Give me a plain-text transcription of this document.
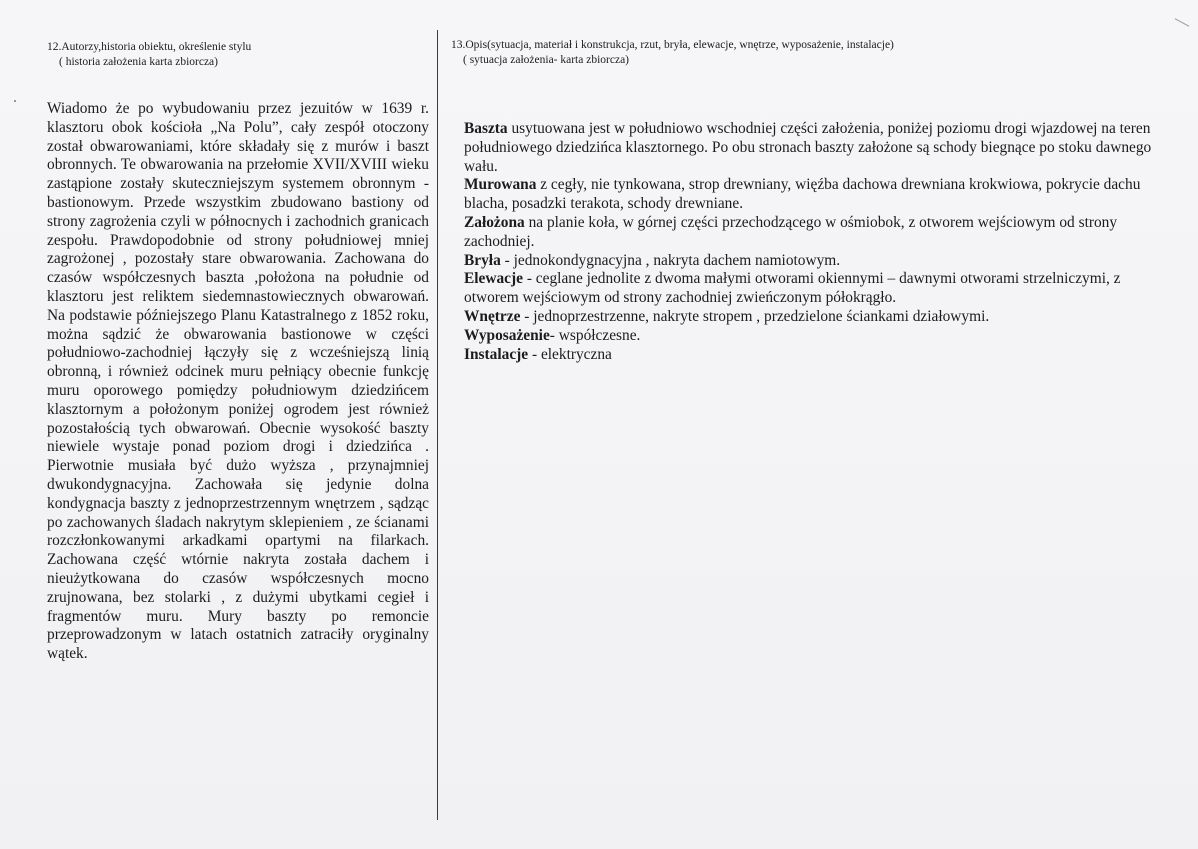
12.Autorzy,historia obiektu, określenie stylu

( historia założenia karta zbiorcza)

Wiadomo że po wybudowaniu przez jezuitów w 1639 r. klasztoru obok kościoła „Na Polu”, cały zespół otoczony został obwarowaniami, które składały się z murów i baszt obronnych. Te obwarowania na przełomie XVII/XVIII wieku zastąpione zostały skuteczniejszym systemem obronnym - bastionowym. Przede wszystkim zbudowano bastiony od strony zagrożenia czyli w północnych i zachodnich granicach zespołu. Prawdopodobnie od strony południowej mniej zagrożonej , pozostały stare obwarowania. Zachowana do czasów współczesnych baszta ,położona na południe od klasztoru jest reliktem siedemnastowiecznych obwarowań. Na podstawie późniejszego Planu Katastralnego z 1852 roku, można sądzić że obwarowania bastionowe w części południowo-zachodniej łączyły się z wcześniejszą linią obronną, i również odcinek muru pełniący obecnie funkcję muru oporowego pomiędzy południowym dziedzińcem klasztornym a położonym poniżej ogrodem jest również pozostałością tych obwarowań. Obecnie wysokość baszty niewiele wystaje ponad poziom drogi i dziedzińca . Pierwotnie musiała być dużo wyższa , przynajmniej dwukondygnacyjna. Zachowała się jedynie dolna kondygnacja baszty z jednoprzestrzennym wnętrzem , sądząc po zachowanych śladach nakrytym sklepieniem , ze ścianami rozczłonkowanymi arkadkami opartymi na filarkach. Zachowana część wtórnie nakryta została dachem i nieużytkowana do czasów współczesnych mocno zrujnowana, bez stolarki , z dużymi ubytkami cegieł i fragmentów muru. Mury baszty po remoncie przeprowadzonym w latach ostatnich zatraciły oryginalny wątek.

13.Opis(sytuacja, materiał i konstrukcja, rzut, bryła, elewacje, wnętrze, wyposażenie, instalacje)

( sytuacja założenia- karta zbiorcza)

Baszta usytuowana jest w południowo wschodniej części założenia, poniżej poziomu drogi wjazdowej na teren południowego dziedzińca klasztornego. Po obu stronach baszty założone są schody biegnące po stoku dawnego wału.

Murowana z cegły, nie tynkowana, strop drewniany, więźba dachowa drewniana krokwiowa, pokrycie dachu blacha, posadzki terakota, schody drewniane.

Założona na planie koła, w górnej części przechodzącego w ośmiobok, z otworem wejściowym od strony zachodniej.

Bryła - jednokondygnacyjna , nakryta dachem namiotowym.

Elewacje - ceglane jednolite z dwoma małymi otworami okiennymi – dawnymi otworami strzelniczymi, z otworem wejściowym od strony zachodniej zwieńczonym półokrągło.

Wnętrze - jednoprzestrzenne, nakryte stropem , przedzielone ściankami działowymi.

Wyposażenie- współczesne.

Instalacje - elektryczna
